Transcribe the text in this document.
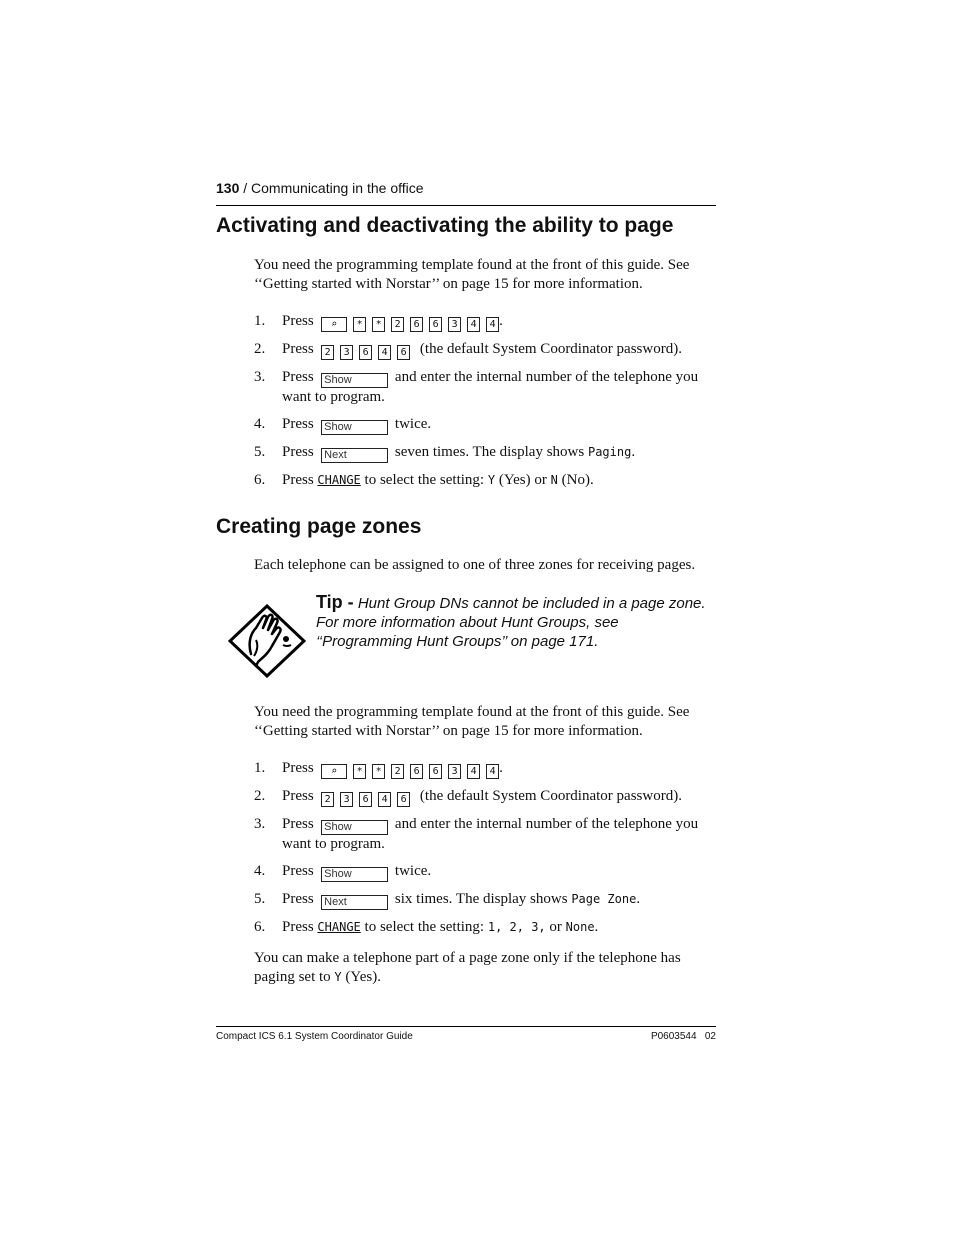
130 / Communicating in the office
Activating and deactivating the ability to page
You need the programming template found at the front of this guide. See ‘‘Getting started with Norstar’’ on page 15 for more information.
1. Press ⌕ * * 2 6 6 3 4 4 .
2. Press 2 3 6 4 6 (the default System Coordinator password).
3. Press Show	and enter the internal number of the telephone you want to program.
4. Press Show	twice.
5. Press Next	seven times. The display shows Paging.
6. Press CHANGE to select the setting: Y (Yes) or N (No).
Creating page zones
Each telephone can be assigned to one of three zones for receiving pages.
Tip - Hunt Group DNs cannot be included in a page zone. For more information about Hunt Groups, see ‘‘Programming Hunt Groups’’ on page 171.
You need the programming template found at the front of this guide. See ‘‘Getting started with Norstar’’ on page 15 for more information.
1. Press ⌕ * * 2 6 6 3 4 4 .
2. Press 2 3 6 4 6 (the default System Coordinator password).
3. Press Show	and enter the internal number of the telephone you want to program.
4. Press Show	twice.
5. Press Next	six times. The display shows Page Zone.
6. Press CHANGE to select the setting: 1, 2, 3, or None.
You can make a telephone part of a page zone only if the telephone has paging set to Y (Yes).
Compact ICS 6.1 System Coordinator Guide	P0603544   02
